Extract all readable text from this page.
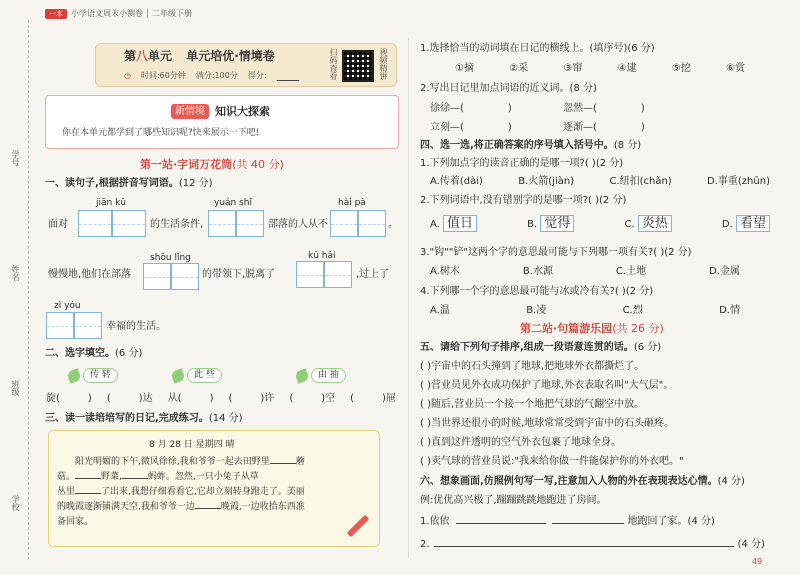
学号
姓名
班级
学校
一本	小学语文周末小测卷 二年级下册
第八单元 单元培优·情境卷
◷ 时间:60分钟 满分:100分 得分:	视频精讲
扫码查看
新情境 知识大探索
你在本单元都学到了哪些知识呢?快来展示一下吧!
第一站·字词万花筒(共 40 分)
一、读句子,根据拼音写词语。(12 分)
jiān kǔ	yuán shǐ	hài pà
面对	的生活条件,	部落的人从不	。
kǔ hǎi
shǒu lǐng
慢慢地,他们在部落	的带领下,脱离了	,过上了
zì yóu
幸福的生活。
二、选字填空。(6 分)
传 转	此 些	由 抽
旋(	) (	)达 从(	) (	)许 (	)空 (	)屉
三、读一读培培写的日记,完成练习。(14 分)
8 月 28 日 星期四 晴
  阳光明媚的下午,微风徐徐,我和爷爷一起去田野里	蘑
菇。	野菜,	蚂蚱。忽然,一只小兔子从草
丛里	了出来,我想仔细看看它,它却立刻转身跑走了。美丽
的晚霞逐渐铺满天空,我和爷爷一边	晚霞,一边收拾东西准
备回家。
1.选择恰当的动词填在日记的横线上。(填序号)(6 分)
①摘	②采	③窜	④逮	⑤挖	⑥赏
2.写出日记里加点词语的近义词。(8 分)
徐徐—(	)	忽然—(	)
立刻—(	)	逐渐—(	)
四、选一选,将正确答案的序号填入括号中。(8 分)
1.下列加点字的读音正确的是哪一项?( )(2 分)
A.传着(dài)	B.火箭(jiàn)	C.纽扣(chǎn)	D.事重(zhūn)
2.下列词语中,没有错别字的是哪一项?( )(2 分)
A. 值日	B. 觉得	C. 炎热	D. 看望
3."钩""铲"这两个字的意思最可能与下列哪一项有关?( )(2 分)
A.树木	B.水源	C.土地	D.金属
4.下列哪一个字的意思最可能与冰或冷有关?( )(2 分)
A.温	B.凌	C.烈	D.情
第二站·句篇游乐园(共 26 分)
五、请给下列句子排序,组成一段语意连贯的话。(6 分)
( )宇宙中的石头撞到了地球,把地球外衣都撕烂了。
( )营业员见外衣成功保护了地球,外衣表取名叫"大气层"。
( )随后,营业员一个接一个地把气球的气翻空中放。
( )当世界还很小的时候,地球常常受到宇宙中的石头砸疼。
( )直到这件透明的空气外衣包裹了地球全身。
( )卖气球的营业员说:"我来给你做一件能保护你的外衣吧。"
六、想象画面,仿照例句写一写,注意加入人物的外在表现表达心情。(4 分)
例:优优高兴极了,蹦蹦跳跳地跑进了房间。
1.依依	地跑回了家。(4 分)
2.	(4 分)
49
